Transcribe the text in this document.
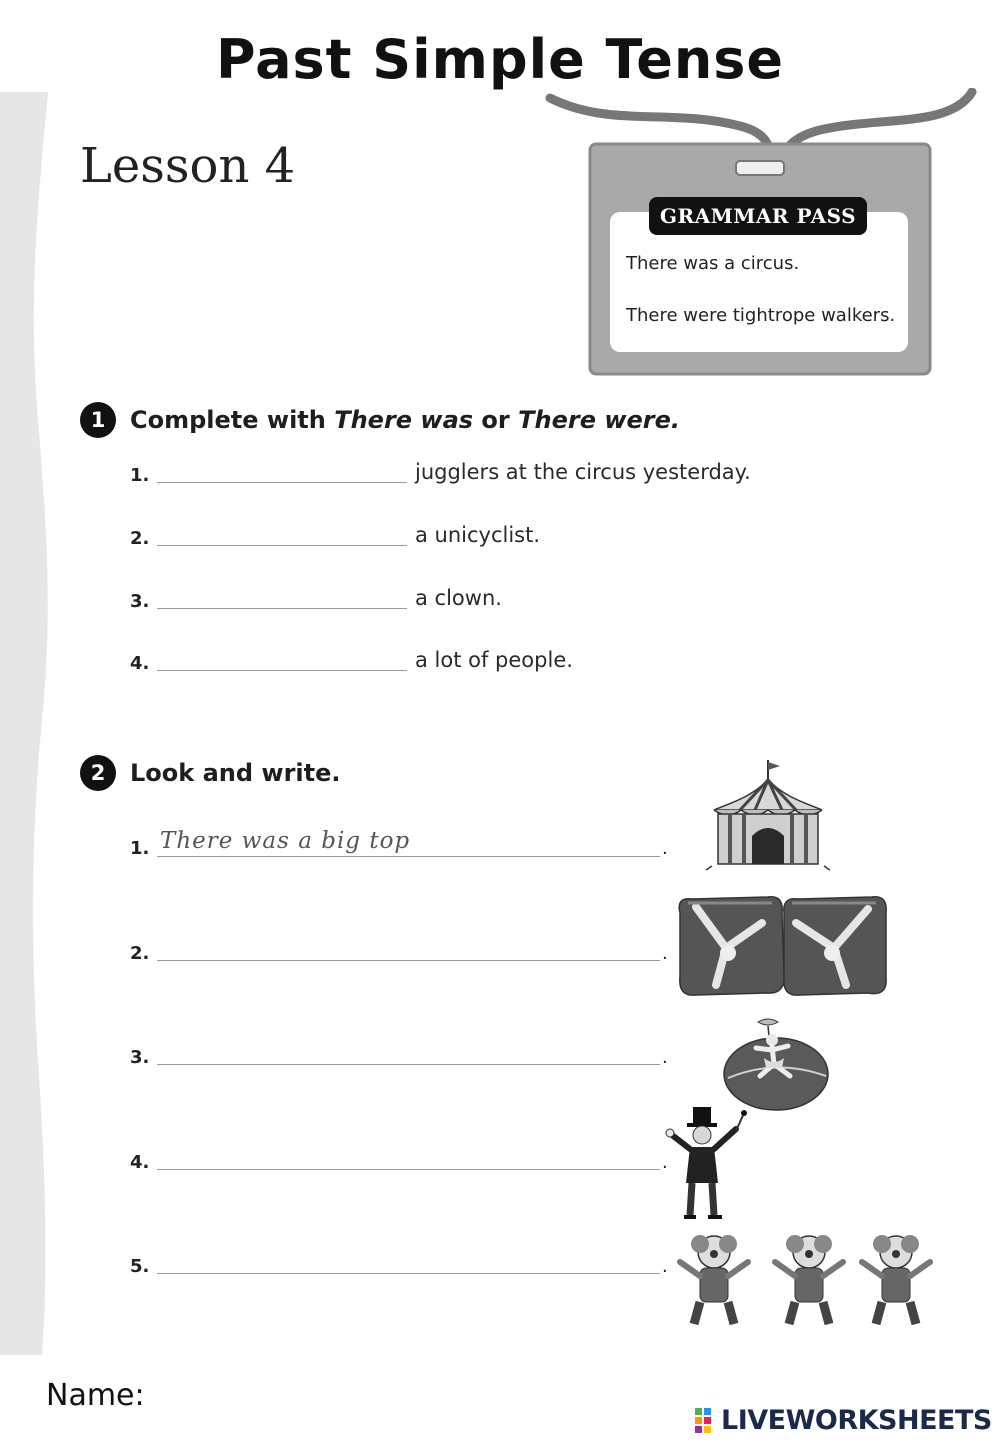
Past Simple Tense
Lesson 4
GRAMMAR PASS
There was a circus.
There were tightrope walkers.
1	Complete with There was or There were.
1.	jugglers at the circus yesterday.
2.	a unicyclist.
3.	a clown.
4.	a lot of people.
2	Look and write.
1. There was a big top	.
2.	.
3.	.
4.	.
5.	.
Name:
LIVEWORKSHEETS
